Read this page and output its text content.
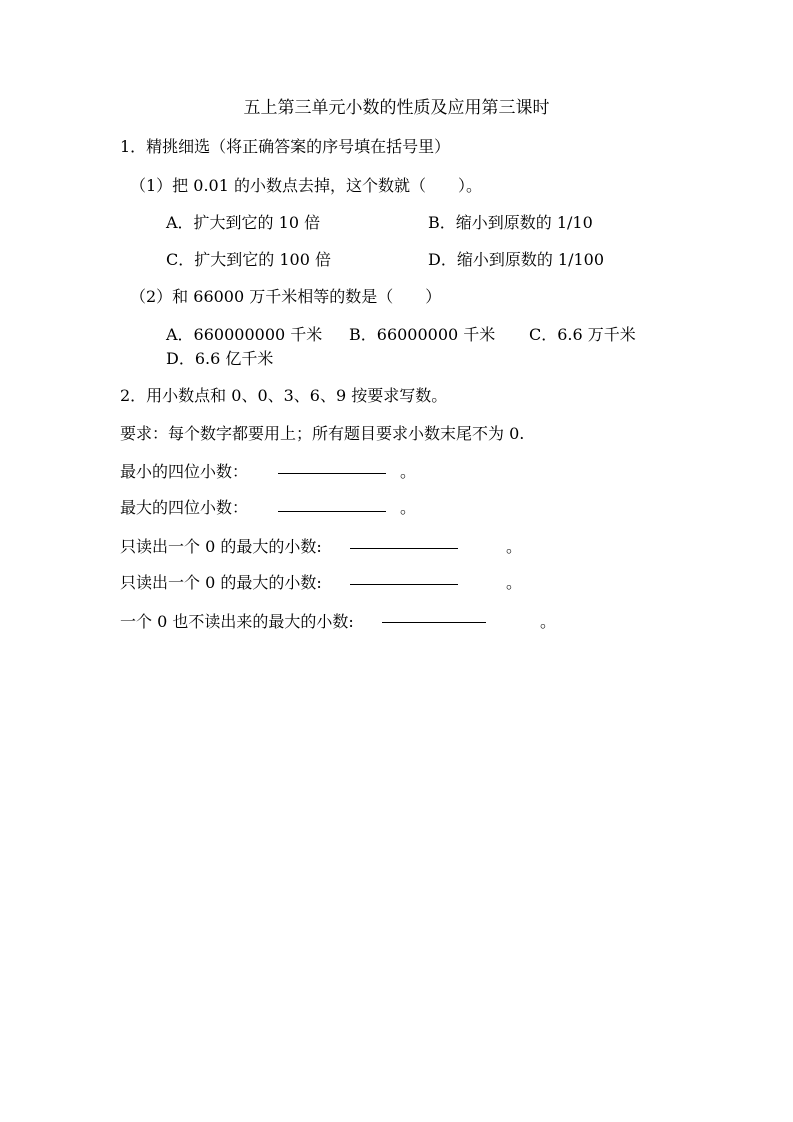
五上第三单元小数的性质及应用第三课时
1．精挑细选（将正确答案的序号填在括号里）
（1）把 0.01 的小数点去掉，这个数就（　　）。
A．扩大到它的 10 倍	B．缩小到原数的 1/10
C．扩大到它的 100 倍	D．缩小到原数的 1/100
（2）和 66000 万千米相等的数是（　　）
A．660000000 千米 B．66000000 千米 C．6.6 万千米
D．6.6 亿千米
2．用小数点和 0、0、3、6、9 按要求写数。
要求：每个数字都要用上；所有题目要求小数末尾不为 0.
最小的四位小数：	。
最大的四位小数：	。
只读出一个 0 的最大的小数:	。
只读出一个 0 的最大的小数:	。
一个 0 也不读出来的最大的小数:	。
